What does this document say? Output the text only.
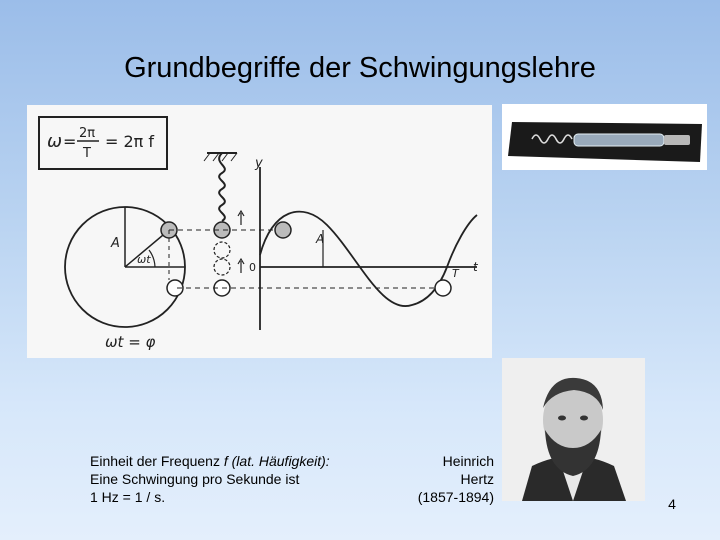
Grundbegriffe der Schwingungslehre
ω = 2π
T
= 2π f
A
ωt
y
0	t
T
A
ωt = φ
Einheit der Frequenz f (lat. Häufigkeit):
Eine Schwingung pro Sekunde ist
1 Hz = 1 / s.
Heinrich
Hertz
(1857-1894)	4
